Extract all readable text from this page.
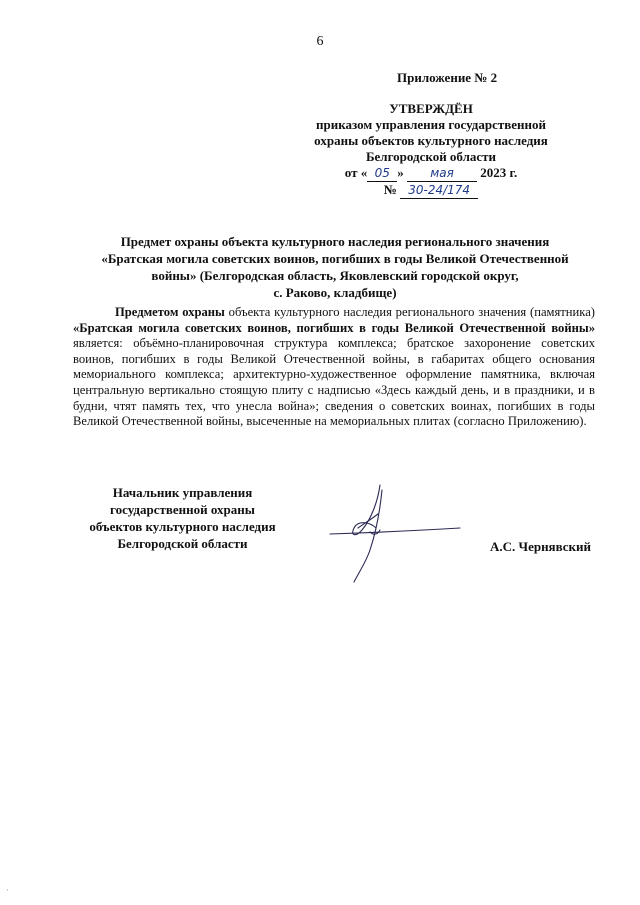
6
Приложение № 2
УТВЕРЖДЁН
приказом управления государственной
охраны объектов культурного наследия
Белгородской области
от « 05 » мая 2023 г.
№ 30-24/174
Предмет охраны объекта культурного наследия регионального значения
«Братская могила советских воинов, погибших в годы Великой Отечественной
войны» (Белгородская область, Яковлевский городской округ,
с. Раково, кладбище)

Предметом охраны объекта культурного наследия регионального значения (памятника) «Братская могила советских воинов, погибших в годы Великой Отечественной войны» является: объёмно-планировочная структура комплекса; братское захоронение советских воинов, погибших в годы Великой Отечественной войны, в габаритах общего основания мемориального комплекса; архитектурно-художественное оформление памятника, включая центральную вертикально стоящую плиту с надписью «Здесь каждый день, и в праздники, и в будни, чтят память тех, что унесла война»; сведения о советских воинах, погибших в годы Великой Отечественной войны, высеченные на мемориальных плитах (согласно Приложению).

Начальник управления
государственной охраны
объектов культурного наследия
Белгородской области	А.С. Чернявский
·
